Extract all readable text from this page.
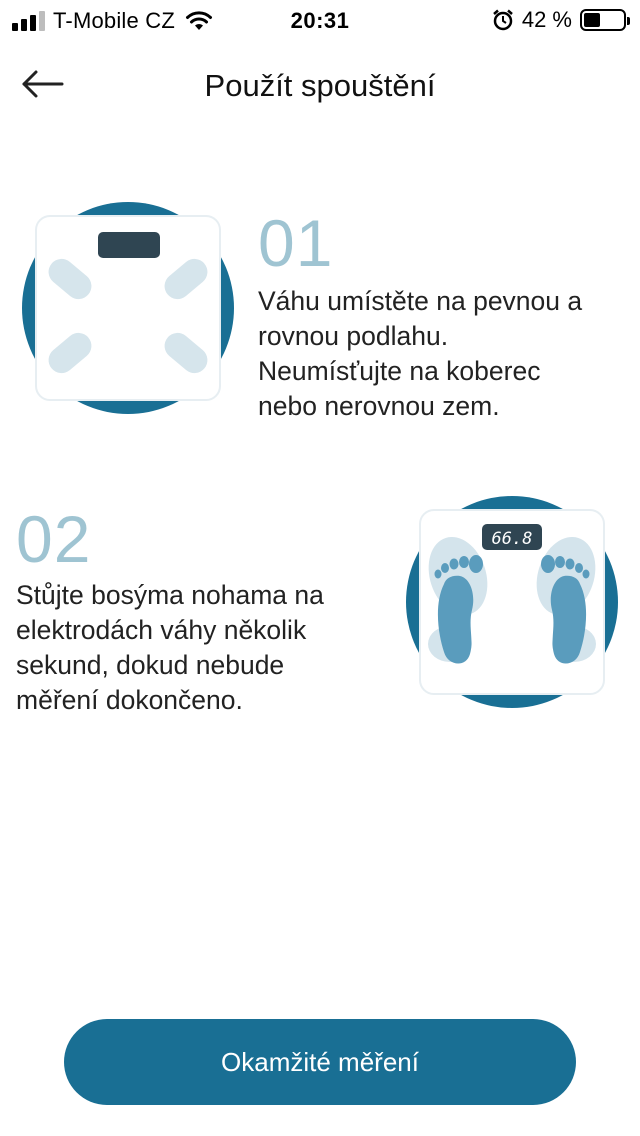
T-Mobile CZ	20:31	42 %
Použít spouštění
01
Váhu umístěte na pevnou a
rovnou podlahu.
Neumísťujte na koberec
nebo nerovnou zem.
02
Stůjte bosýma nohama na
elektrodách váhy několik
sekund, dokud nebude
měření dokončeno.
66.8
Okamžité měření
